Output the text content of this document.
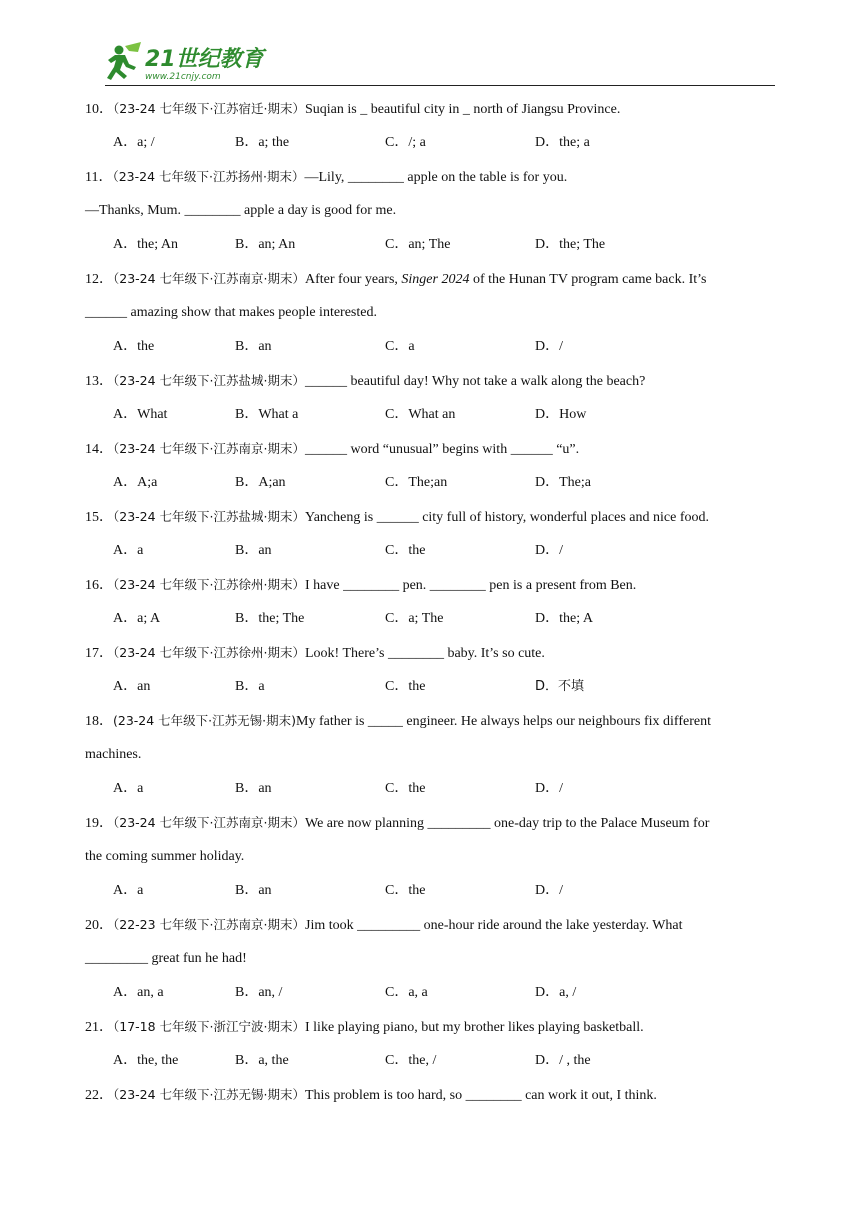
21世纪教育
www.21cnjy.com
10．（23-24 七年级下·江苏宿迁·期末）Suqian is _ beautiful city in _ north of Jiangsu Province.
A．a; /	B．a; the	C．/; a	D．the; a
11．（23-24 七年级下·江苏扬州·期末）—Lily, ________ apple on the table is for you.
—Thanks, Mum. ________ apple a day is good for me.
A．the; An	B．an; An	C．an; The	D．the; The
12．（23-24 七年级下·江苏南京·期末）After four years, Singer 2024 of the Hunan TV program came back. It’s
______ amazing show that makes people interested.
A．the	B．an	C．a	D．/
13．（23-24 七年级下·江苏盐城·期末）______ beautiful day! Why not take a walk along the beach?
A．What	B．What a	C．What an	D．How
14．（23-24 七年级下·江苏南京·期末）______ word “unusual” begins with ______ “u”.
A．A;a	B．A;an	C．The;an	D．The;a
15．（23-24 七年级下·江苏盐城·期末）Yancheng is ______ city full of history, wonderful places and nice food.
A．a	B．an	C．the	D．/
16．（23-24 七年级下·江苏徐州·期末）I have ________ pen. ________ pen is a present from Ben.
A．a; A	B．the; The	C．a; The	D．the; A
17．（23-24 七年级下·江苏徐州·期末）Look! There’s ________ baby. It’s so cute.
A．an	B．a	C．the	D．不填
18．(23-24 七年级下·江苏无锡·期末)My father is _____ engineer. He always helps our neighbours fix different
machines.
A．a	B．an	C．the	D．/
19．（23-24 七年级下·江苏南京·期末）We are now planning _________ one-day trip to the Palace Museum for
the coming summer holiday.
A．a	B．an	C．the	D．/
20．（22-23 七年级下·江苏南京·期末）Jim took _________ one-hour ride around the lake yesterday. What
_________ great fun he had!
A．an, a	B．an, /	C．a, a	D．a, /
21．（17-18 七年级下·浙江宁波·期末）I like playing piano, but my brother likes playing basketball.
A．the, the	B．a, the	C．the, /	D．/ , the
22．（23-24 七年级下·江苏无锡·期末）This problem is too hard, so ________ can work it out, I think.
